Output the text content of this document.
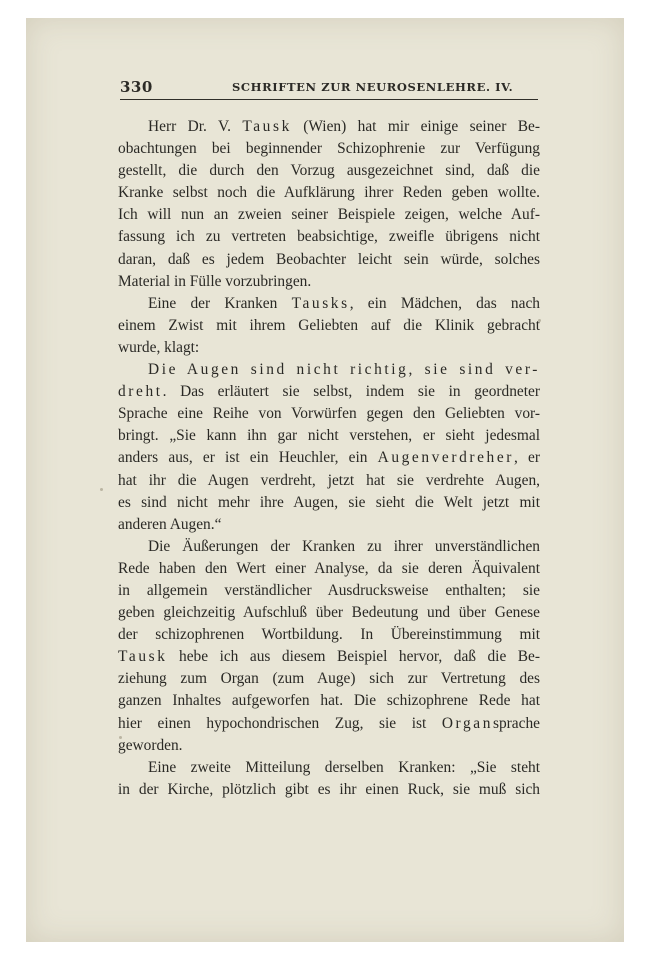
330	SCHRIFTEN ZUR NEUROSENLEHRE. IV.
Herr Dr. V. Tausk (Wien) hat mir einige seiner Be-
obachtungen bei beginnender Schizophrenie zur Verfügung
gestellt, die durch den Vorzug ausgezeichnet sind, daß die
Kranke selbst noch die Aufklärung ihrer Reden geben wollte.
Ich will nun an zweien seiner Beispiele zeigen, welche Auf-
fassung ich zu vertreten beabsichtige, zweifle übrigens nicht
daran, daß es jedem Beobachter leicht sein würde, solches
Material in Fülle vorzubringen.
Eine der Kranken Tausks, ein Mädchen, das nach
einem Zwist mit ihrem Geliebten auf die Klinik gebracht
wurde, klagt:
Die Augen sind nicht richtig, sie sind ver-
dreht. Das erläutert sie selbst, indem sie in geordneter
Sprache eine Reihe von Vorwürfen gegen den Geliebten vor-
bringt. „Sie kann ihn gar nicht verstehen, er sieht jedesmal
anders aus, er ist ein Heuchler, ein Augenverdreher, er
hat ihr die Augen verdreht, jetzt hat sie verdrehte Augen,
es sind nicht mehr ihre Augen, sie sieht die Welt jetzt mit
anderen Augen.“
Die Äußerungen der Kranken zu ihrer unverständlichen
Rede haben den Wert einer Analyse, da sie deren Äquivalent
in allgemein verständlicher Ausdrucksweise enthalten; sie
geben gleichzeitig Aufschluß über Bedeutung und über Genese
der schizophrenen Wortbildung. In Übereinstimmung mit
Tausk hebe ich aus diesem Beispiel hervor, daß die Be-
ziehung zum Organ (zum Auge) sich zur Vertretung des
ganzen Inhaltes aufgeworfen hat. Die schizophrene Rede hat
hier einen hypochondrischen Zug, sie ist Organsprache
geworden.
Eine zweite Mitteilung derselben Kranken: „Sie steht
in der Kirche, plötzlich gibt es ihr einen Ruck, sie muß sich
